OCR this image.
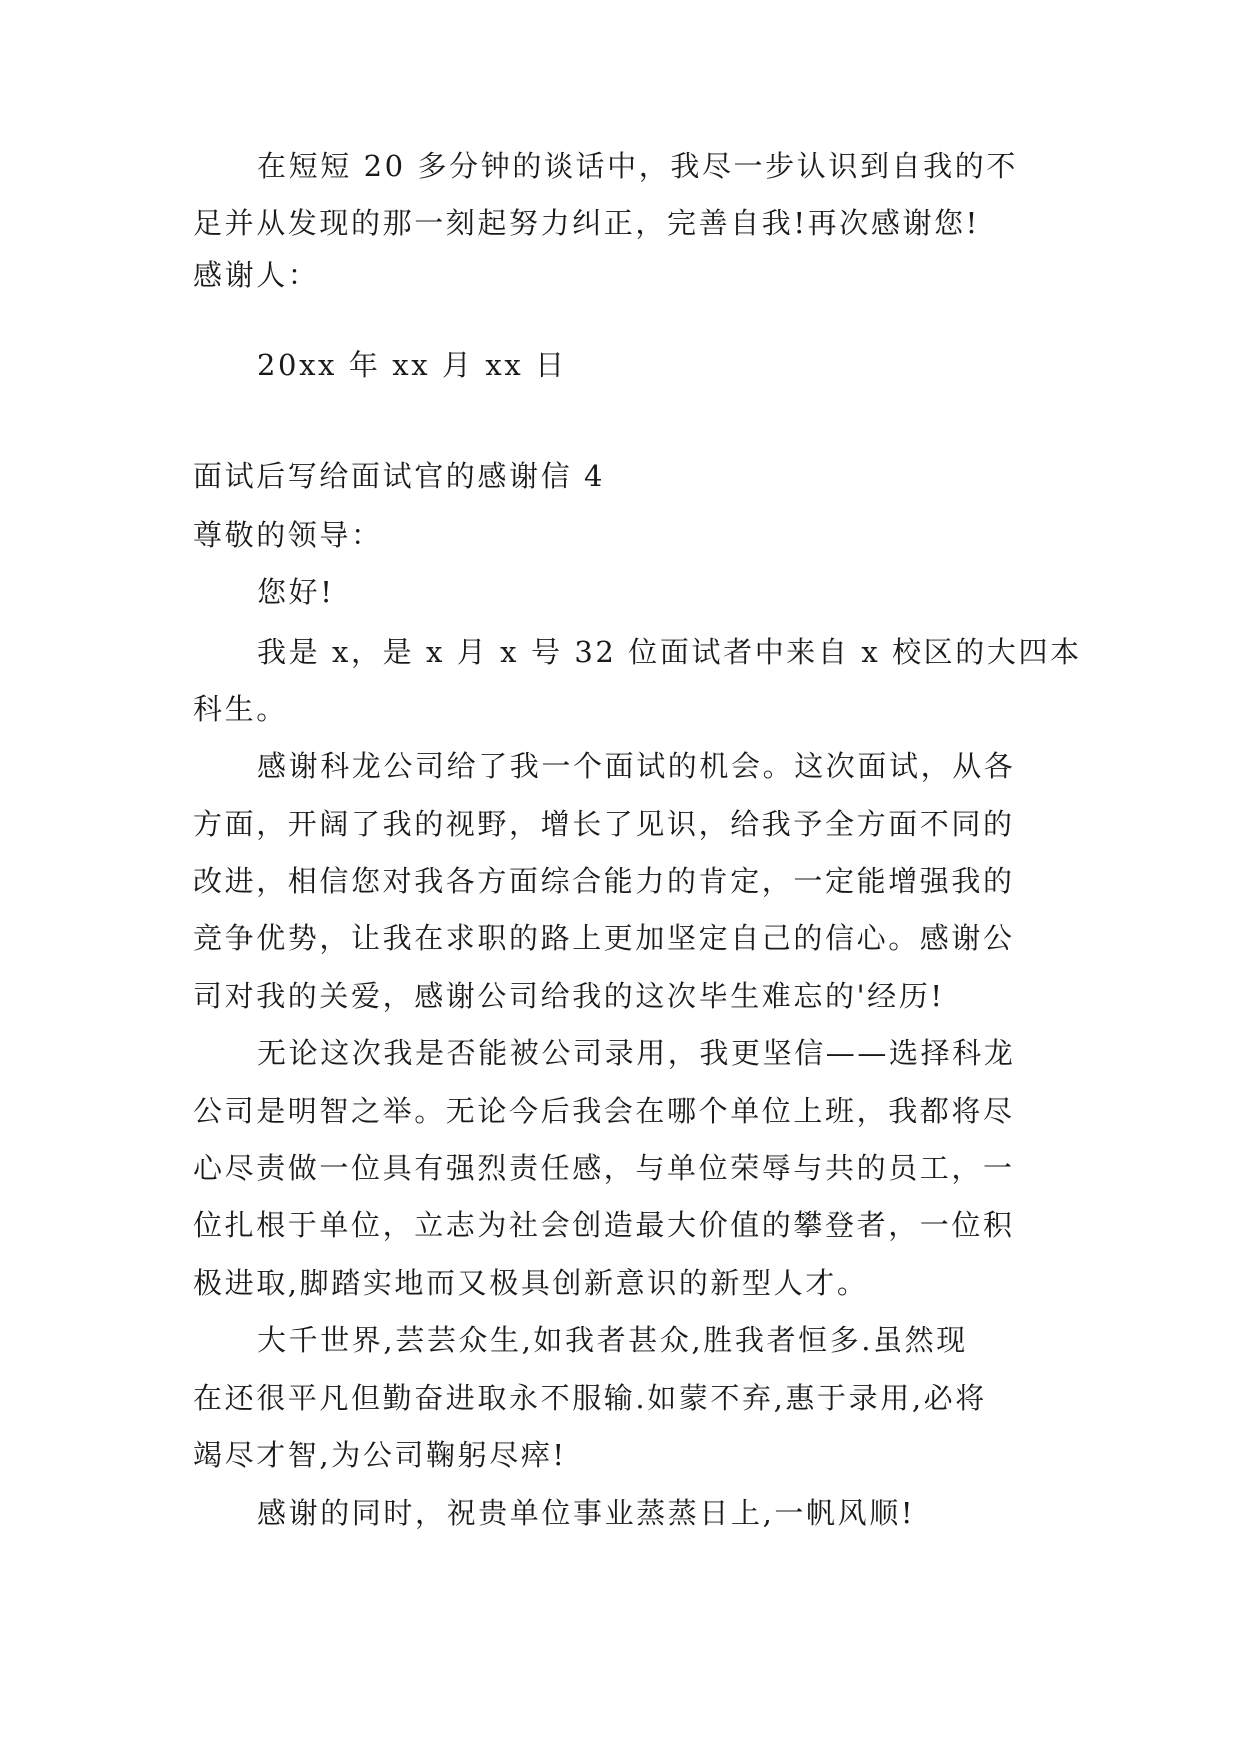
在短短 20 多分钟的谈话中，我尽一步认识到自我的不
足并从发现的那一刻起努力纠正，完善自我!再次感谢您!
感谢人：
20xx 年 xx 月 xx 日
面试后写给面试官的感谢信 4
尊敬的领导：
您好!
我是 x，是 x 月 x 号 32 位面试者中来自 x 校区的大四本
科生。
感谢科龙公司给了我一个面试的机会。这次面试，从各
方面，开阔了我的视野，增长了见识，给我予全方面不同的
改进，相信您对我各方面综合能力的肯定，一定能增强我的
竞争优势，让我在求职的路上更加坚定自己的信心。感谢公
司对我的关爱，感谢公司给我的这次毕生难忘的'经历!
无论这次我是否能被公司录用，我更坚信——选择科龙
公司是明智之举。无论今后我会在哪个单位上班，我都将尽
心尽责做一位具有强烈责任感，与单位荣辱与共的员工，一
位扎根于单位，立志为社会创造最大价值的攀登者，一位积
极进取,脚踏实地而又极具创新意识的新型人才。
大千世界,芸芸众生,如我者甚众,胜我者恒多.虽然现
在还很平凡但勤奋进取永不服输.如蒙不弃,惠于录用,必将
竭尽才智,为公司鞠躬尽瘁!
感谢的同时，祝贵单位事业蒸蒸日上,一帆风顺!
